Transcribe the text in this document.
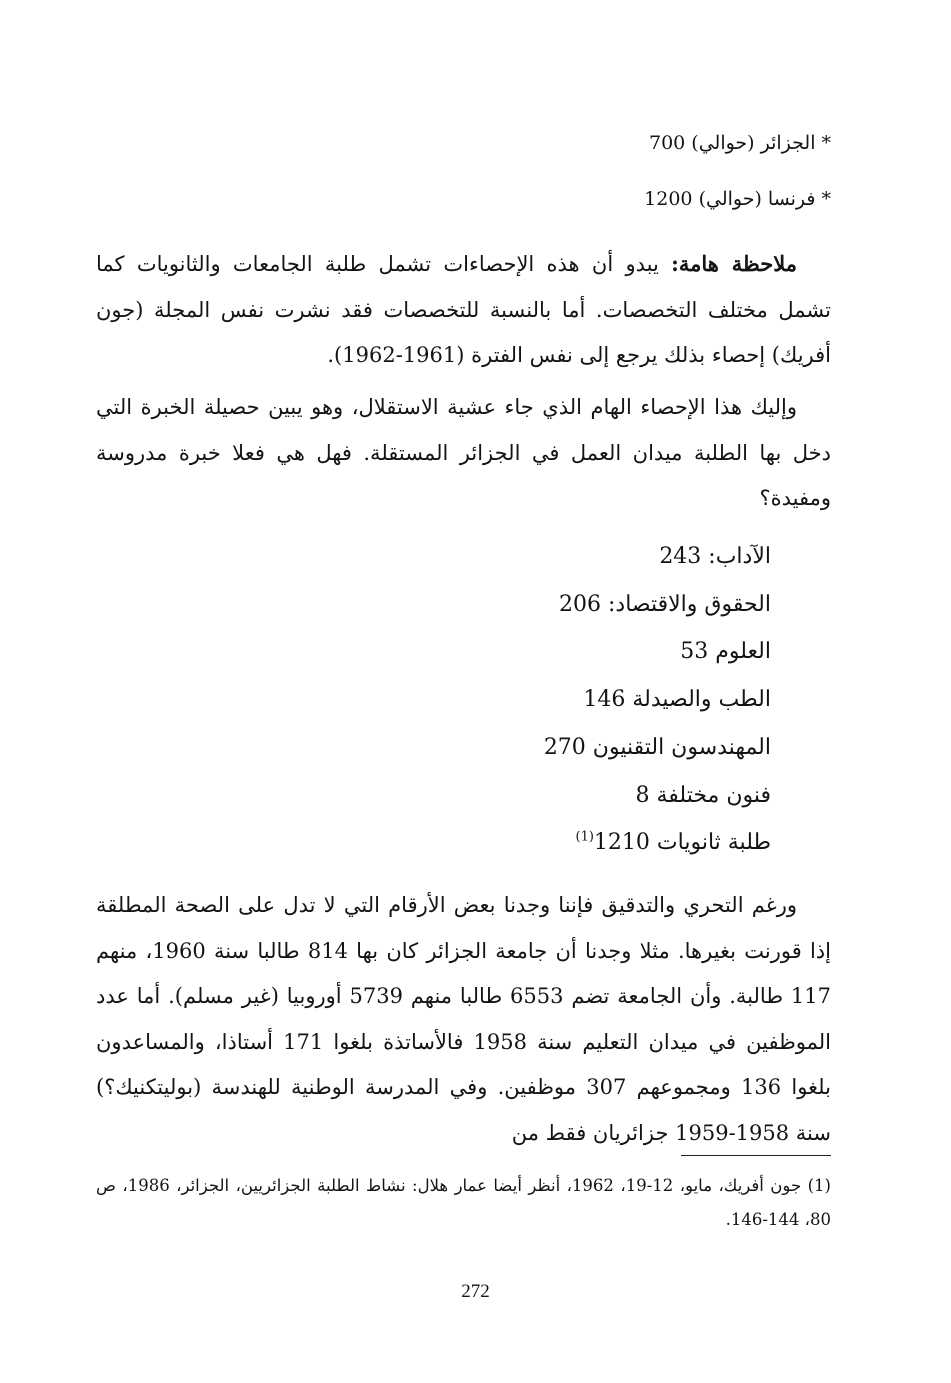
*الجزائر (حوالي) 700
*فرنسا (حوالي) 1200

ملاحظة هامة: يبدو أن هذه الإحصاءات تشمل طلبة الجامعات والثانويات كما تشمل مختلف التخصصات. أما بالنسبة للتخصصات فقد نشرت نفس المجلة (جون أفريك) إحصاء بذلك يرجع إلى نفس الفترة (1961-1962).

وإليك هذا الإحصاء الهام الذي جاء عشية الاستقلال، وهو يبين حصيلة الخبرة التي دخل بها الطلبة ميدان العمل في الجزائر المستقلة. فهل هي فعلا خبرة مدروسة ومفيدة؟

الآداب: 243
الحقوق والاقتصاد: 206
العلوم 53
الطب والصيدلة 146
المهندسون التقنيون 270
فنون مختلفة 8
طلبة ثانويات 1210$^{(1)}$

ورغم التحري والتدقيق فإننا وجدنا بعض الأرقام التي لا تدل على الصحة المطلقة إذا قورنت بغيرها. مثلا وجدنا أن جامعة الجزائر كان بها 814 طالبا سنة 1960، منهم 117 طالبة. وأن الجامعة تضم 6553 طالبا منهم 5739 أوروبيا (غير مسلم). أما عدد الموظفين في ميدان التعليم سنة 1958 فالأساتذة بلغوا 171 أستاذا، والمساعدون بلغوا 136 ومجموعهم 307 موظفين. وفي المدرسة الوطنية للهندسة (بوليتكنيك؟) سنة 1958-1959 جزائريان فقط من

(1) جون أفريك، مايو، 12-19، 1962، أنظر أيضا عمار هلال: نشاط الطلبة الجزائريين، الجزائر، 1986، ص 80، 144-146.

272
